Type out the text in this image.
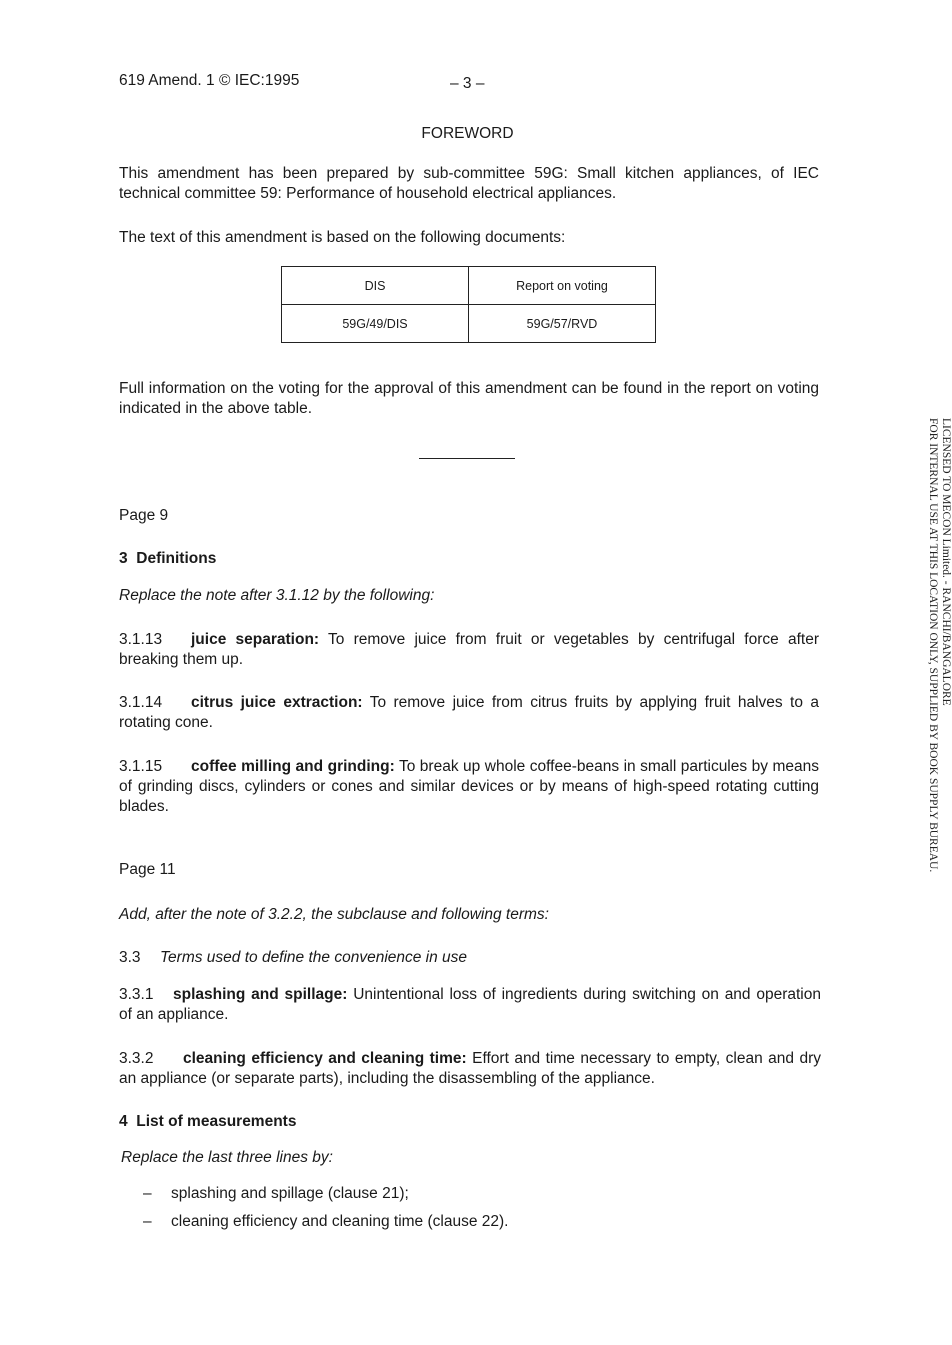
619 Amend. 1 © IEC:1995	– 3 –
FOREWORD
This amendment has been prepared by sub-committee 59G: Small kitchen appliances, of IEC technical committee 59: Performance of household electrical appliances.
The text of this amendment is based on the following documents:
DIS	Report on voting
59G/49/DIS	59G/57/RVD
Full information on the voting for the approval of this amendment can be found in the report on voting indicated in the above table.
Page 9
3 Definitions
Replace the note after 3.1.12 by the following:
3.1.13 juice separation: To remove juice from fruit or vegetables by centrifugal force after breaking them up.
3.1.14 citrus juice extraction: To remove juice from citrus fruits by applying fruit halves to a rotating cone.
3.1.15 coffee milling and grinding: To break up whole coffee-beans in small particules by means of grinding discs, cylinders or cones and similar devices or by means of high-speed rotating cutting blades.
Page 11
Add, after the note of 3.2.2, the subclause and following terms:
3.3 Terms used to define the convenience in use
3.3.1 splashing and spillage: Unintentional loss of ingredients during switching on and operation of an appliance.
3.3.2 cleaning efficiency and cleaning time: Effort and time necessary to empty, clean and dry an appliance (or separate parts), including the disassembling of the appliance.
4 List of measurements
Replace the last three lines by:
– splashing and spillage (clause 21);
– cleaning efficiency and cleaning time (clause 22).
LICENSED TO MECON Limited. - RANCHI/BANGALORE
FOR INTERNAL USE AT THIS LOCATION ONLY, SUPPLIED BY BOOK SUPPLY BUREAU.
